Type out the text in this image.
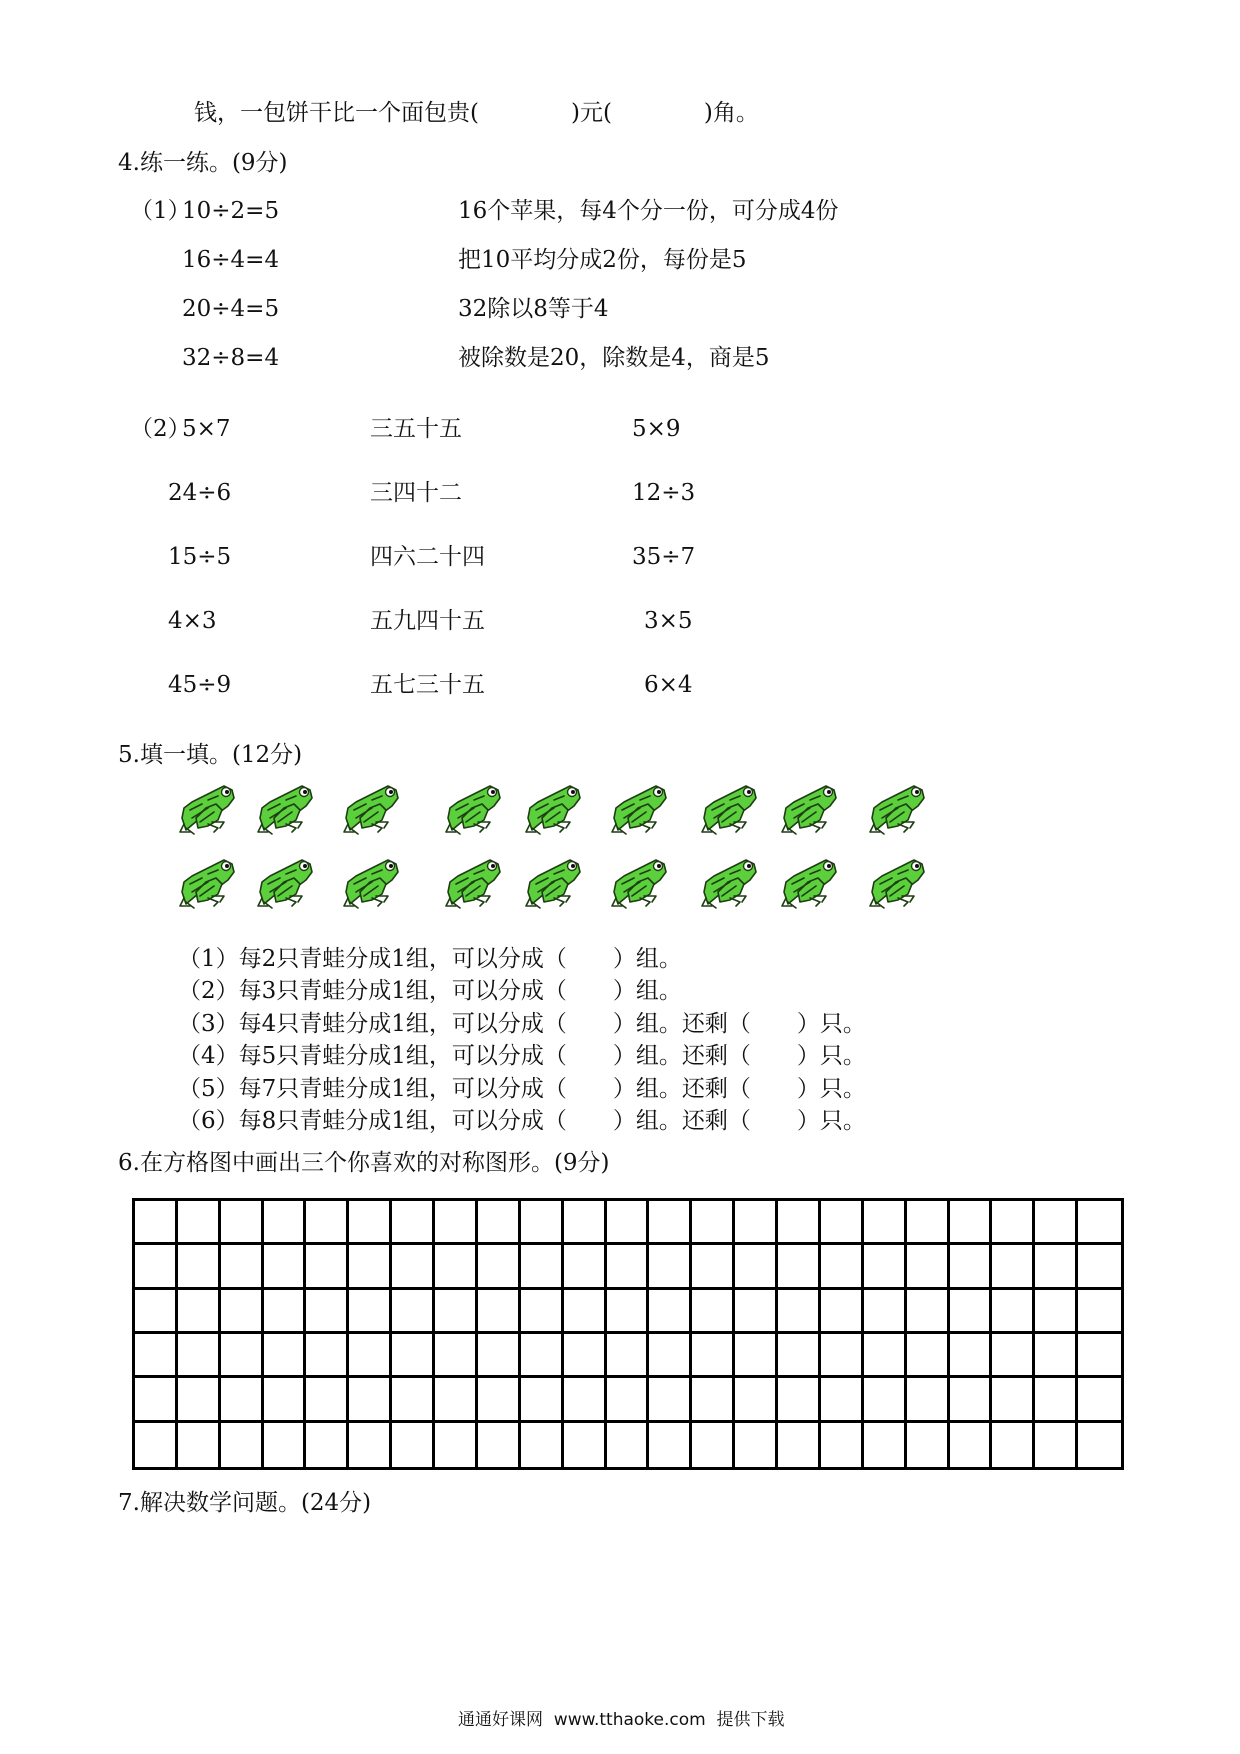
钱，一包饼干比一个面包贵(　　　　)元(　　　　)角。
4.练一练。(9分)
（1）
10÷2=5
16÷4=4
20÷4=5
32÷8=4
16个苹果，每4个分一份，可分成4份
把10平均分成2份，每份是5
32除以8等于4
被除数是20，除数是4，商是5
（2）
5×7
24÷6
15÷5
4×3
45÷9
三五十五
三四十二
四六二十四
五九四十五
五七三十五
5×9
12÷3
35÷7
3×5
6×4
5.填一填。(12分)
（1）每2只青蛙分成1组，可以分成（　　）组。
（2）每3只青蛙分成1组，可以分成（　　）组。
（3）每4只青蛙分成1组，可以分成（　　）组。还剩（　　）只。
（4）每5只青蛙分成1组，可以分成（　　）组。还剩（　　）只。
（5）每7只青蛙分成1组，可以分成（　　）组。还剩（　　）只。
（6）每8只青蛙分成1组，可以分成（　　）组。还剩（　　）只。
6.在方格图中画出三个你喜欢的对称图形。(9分)
7.解决数学问题。(24分)
通通好课网  www.tthaoke.com  提供下载
